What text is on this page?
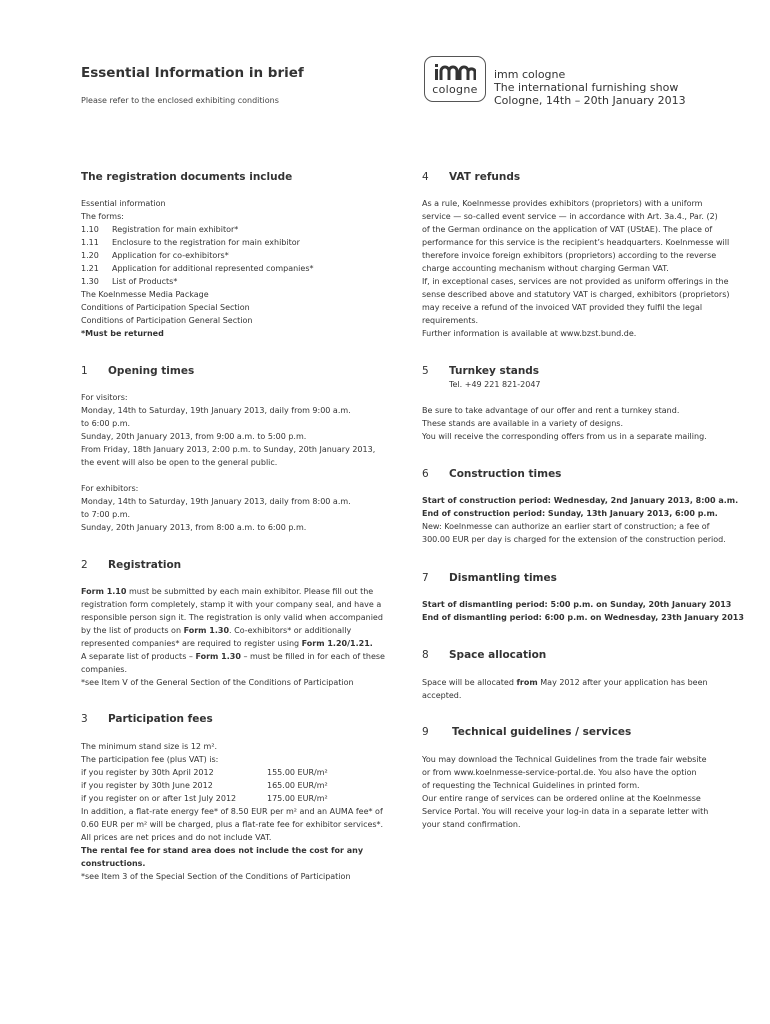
Essential Information in brief
Please refer to the enclosed exhibiting conditions
cologne
imm cologne
The international furnishing show
Cologne, 14th – 20th January 2013
The registration documents include
Essential information
The forms:
1.10 Registration for main exhibitor*
1.11 Enclosure to the registration for main exhibitor
1.20 Application for co-exhibitors*
1.21 Application for additional represented companies*
1.30 List of Products*
The Koelnmesse Media Package
Conditions of Participation Special Section
Conditions of Participation General Section
*Must be returned
1 Opening times
For visitors:
Monday, 14th to Saturday, 19th January 2013, daily from 9:00 a.m.
to 6:00 p.m.
Sunday, 20th January 2013, from 9:00 a.m. to 5:00 p.m.
From Friday, 18th January 2013, 2:00 p.m. to Sunday, 20th January 2013,
the event will also be open to the general public.
For exhibitors:
Monday, 14th to Saturday, 19th January 2013, daily from 8:00 a.m.
to 7:00 p.m.
Sunday, 20th January 2013, from 8:00 a.m. to 6:00 p.m.
2 Registration
Form 1.10 must be submitted by each main exhibitor. Please fill out the
registration form completely, stamp it with your company seal, and have a
responsible person sign it. The registration is only valid when accompanied
by the list of products on Form 1.30. Co-exhibitors* or additionally
represented companies* are required to register using Form 1.20/1.21.
A separate list of products – Form 1.30 – must be filled in for each of these
companies.
*see Item V of the General Section of the Conditions of Participation
3 Participation fees
The minimum stand size is 12 m².
The participation fee (plus VAT) is:
if you register by 30th April 2012	155.00 EUR/m²
if you register by 30th June 2012	165.00 EUR/m²
if you register on or after 1st July 2012	175.00 EUR/m²
In addition, a flat-rate energy fee* of 8.50 EUR per m² and an AUMA fee* of
0.60 EUR per m² will be charged, plus a flat-rate fee for exhibitor services*.
All prices are net prices and do not include VAT.
The rental fee for stand area does not include the cost for any
constructions.
*see Item 3 of the Special Section of the Conditions of Participation
4 VAT refunds
As a rule, Koelnmesse provides exhibitors (proprietors) with a uniform
service — so-called event service — in accordance with Art. 3a.4., Par. (2)
of the German ordinance on the application of VAT (UStAE). The place of
performance for this service is the recipient’s headquarters. Koelnmesse will
therefore invoice foreign exhibitors (proprietors) according to the reverse
charge accounting mechanism without charging German VAT.
If, in exceptional cases, services are not provided as uniform offerings in the
sense described above and statutory VAT is charged, exhibitors (proprietors)
may receive a refund of the invoiced VAT provided they fulfil the legal
requirements.
Further information is available at www.bzst.bund.de.
5 Turnkey stands
Tel. +49 221 821-2047
Be sure to take advantage of our offer and rent a turnkey stand.
These stands are available in a variety of designs.
You will receive the corresponding offers from us in a separate mailing.
6 Construction times
Start of construction period: Wednesday, 2nd January 2013, 8:00 a.m.
End of construction period: Sunday, 13th January 2013, 6:00 p.m.
New: Koelnmesse can authorize an earlier start of construction; a fee of
300.00 EUR per day is charged for the extension of the construction period.
7 Dismantling times
Start of dismantling period: 5:00 p.m. on Sunday, 20th January 2013
End of dismantling period: 6:00 p.m. on Wednesday, 23th January 2013
8 Space allocation
Space will be allocated from May 2012 after your application has been
accepted.
9 Technical guidelines / services
You may download the Technical Guidelines from the trade fair website
or from www.koelnmesse-service-portal.de. You also have the option
of requesting the Technical Guidelines in printed form.
Our entire range of services can be ordered online at the Koelnmesse
Service Portal. You will receive your log-in data in a separate letter with
your stand confirmation.
